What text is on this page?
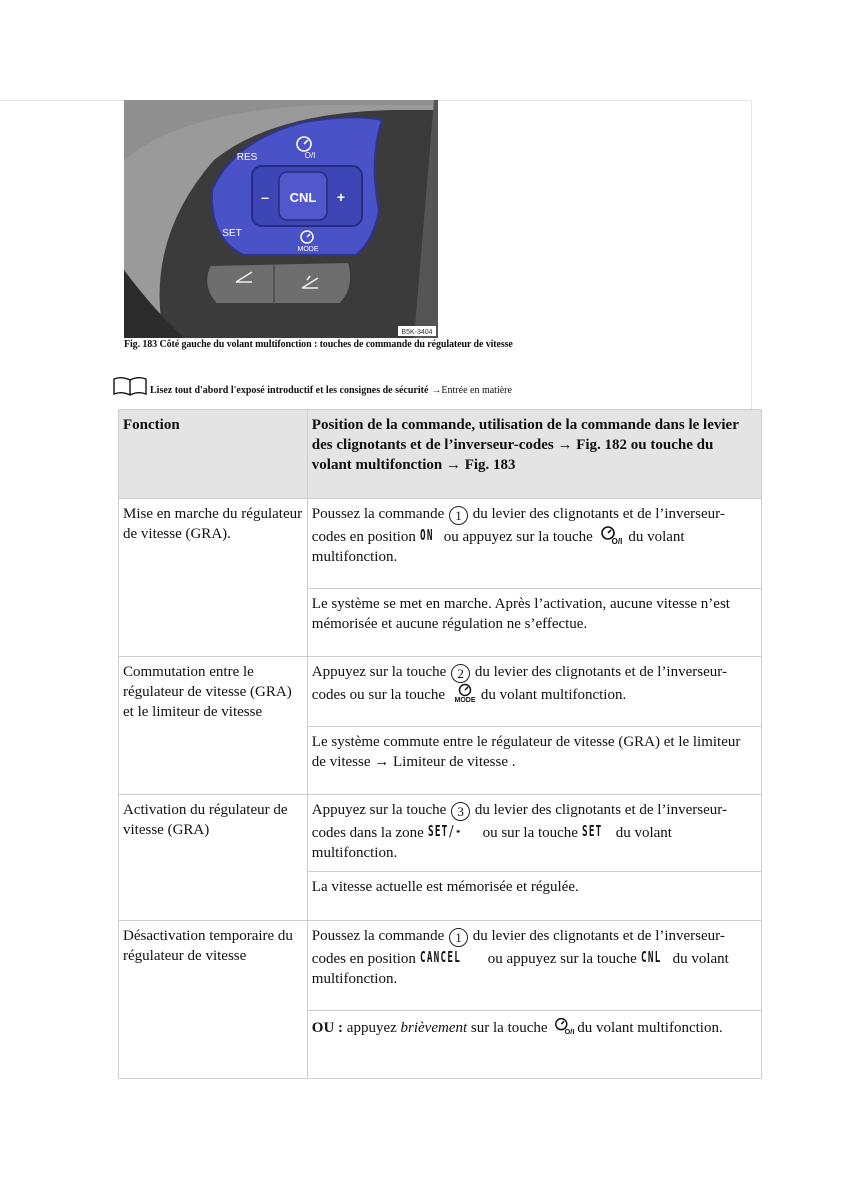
CNL
–	+
RES
SET
O/I
MODE
B5K-3404
Fig. 183 Côté gauche du volant multifonction : touches de commande du régulateur de vitesse
Lisez tout d'abord l'exposé introductif et les consignes de sécurité → Entrée en matière
Fonction	Position de la commande, utilisation de la commande dans le levier des clignotants et de l’inverseur-codes → Fig. 182 ou touche du volant multifonction → Fig. 183
Mise en marche du régulateur de vitesse (GRA).	Poussez la commande 1 du levier des clignotants et de l’inverseur-codes en position ON ou appuyez sur la touche O/I du volant multifonction.
	Le système se met en marche. Après l’activation, aucune vitesse n’est mémorisée et aucune régulation ne s’effectue.
Commutation entre le régulateur de vitesse (GRA) et le limiteur de vitesse	Appuyez sur la touche 2 du levier des clignotants et de l’inverseur-codes ou sur la touche MODE du volant multifonction.
	Le système commute entre le régulateur de vitesse (GRA) et le limiteur de vitesse → Limiteur de vitesse .
Activation du régulateur de vitesse (GRA)	Appuyez sur la touche 3 du levier des clignotants et de l’inverseur-codes dans la zone SET/- ou sur la touche SET du volant multifonction.
	La vitesse actuelle est mémorisée et régulée.
Désactivation temporaire du régulateur de vitesse	Poussez la commande 1 du levier des clignotants et de l’inverseur-codes en position CANCEL ou appuyez sur la touche CNL du volant multifonction.
	OU : appuyez brièvement sur la touche O/I du volant multifonction.
